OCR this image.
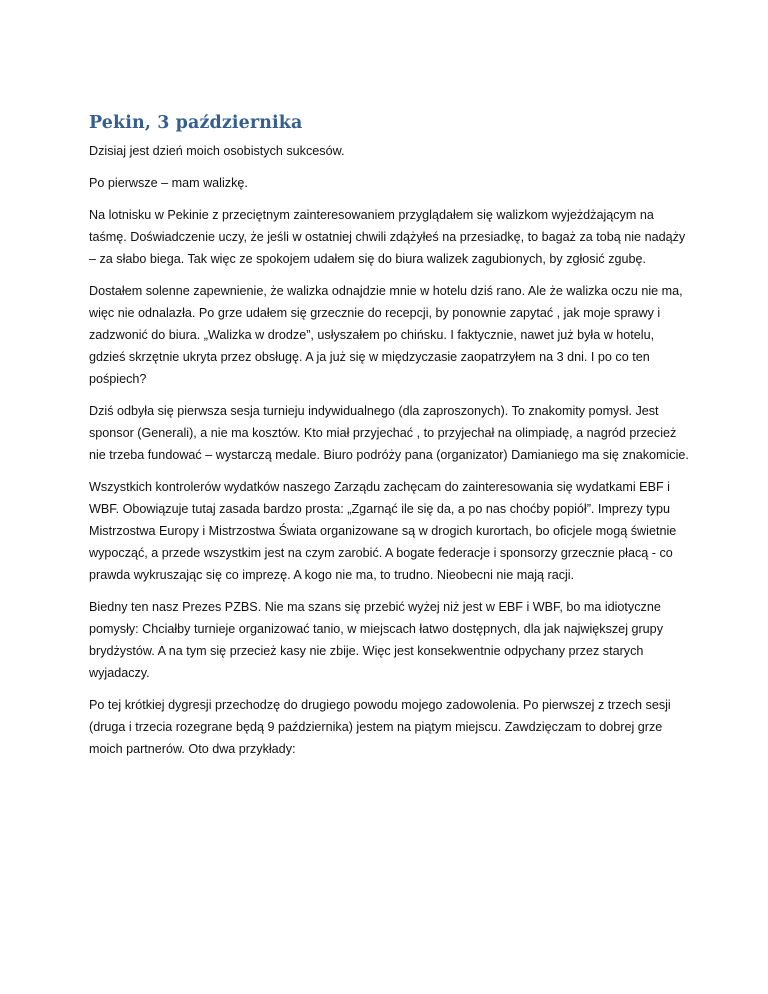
Pekin, 3 października

Dzisiaj jest dzień moich osobistych sukcesów.

Po pierwsze – mam walizkę.

Na lotnisku w Pekinie z przeciętnym zainteresowaniem przyglądałem się walizkom wyjeżdżającym na taśmę. Doświadczenie uczy, że jeśli w ostatniej chwili zdążyłeś na przesiadkę, to bagaż za tobą nie nadąży – za słabo biega. Tak więc ze spokojem udałem się do biura walizek zagubionych, by zgłosić zgubę.

Dostałem solenne zapewnienie, że walizka odnajdzie mnie w hotelu dziś rano. Ale że walizka oczu nie ma, więc nie odnalazła. Po grze udałem się grzecznie do recepcji, by ponownie zapytać , jak moje sprawy i zadzwonić do biura. „Walizka w drodze”, usłyszałem po chińsku. I faktycznie, nawet już była w hotelu, gdzieś skrzętnie ukryta przez obsługę. A ja już się w międzyczasie zaopatrzyłem na 3 dni. I po co ten pośpiech?

Dziś odbyła się pierwsza sesja turnieju indywidualnego (dla zaproszonych). To znakomity pomysł. Jest sponsor (Generali), a nie ma kosztów. Kto miał przyjechać , to przyjechał na olimpiadę, a nagród przecież nie trzeba fundować – wystarczą medale. Biuro podróży pana (organizator) Damianiego ma się znakomicie.

Wszystkich kontrolerów wydatków naszego Zarządu zachęcam do zainteresowania się wydatkami EBF i WBF. Obowiązuje tutaj zasada bardzo prosta: „Zgarnąć ile się da, a po nas choćby popiół”. Imprezy typu Mistrzostwa Europy i Mistrzostwa Świata organizowane są w drogich kurortach, bo oficjele mogą świetnie wypocząć, a przede wszystkim jest na czym zarobić. A bogate federacje i sponsorzy grzecznie płacą - co prawda wykruszając się co imprezę. A kogo nie ma, to trudno. Nieobecni nie mają racji.

Biedny ten nasz Prezes PZBS. Nie ma szans się przebić wyżej niż jest w EBF i WBF, bo ma idiotyczne pomysły: Chciałby turnieje organizować tanio, w miejscach łatwo dostępnych, dla jak największej grupy brydżystów. A na tym się przecież kasy nie zbije. Więc jest konsekwentnie odpychany przez starych wyjadaczy.

Po tej krótkiej dygresji przechodzę do drugiego powodu mojego zadowolenia. Po pierwszej z trzech sesji (druga i trzecia rozegrane będą 9 października) jestem na piątym miejscu. Zawdzięczam to dobrej grze moich partnerów. Oto dwa przykłady:
